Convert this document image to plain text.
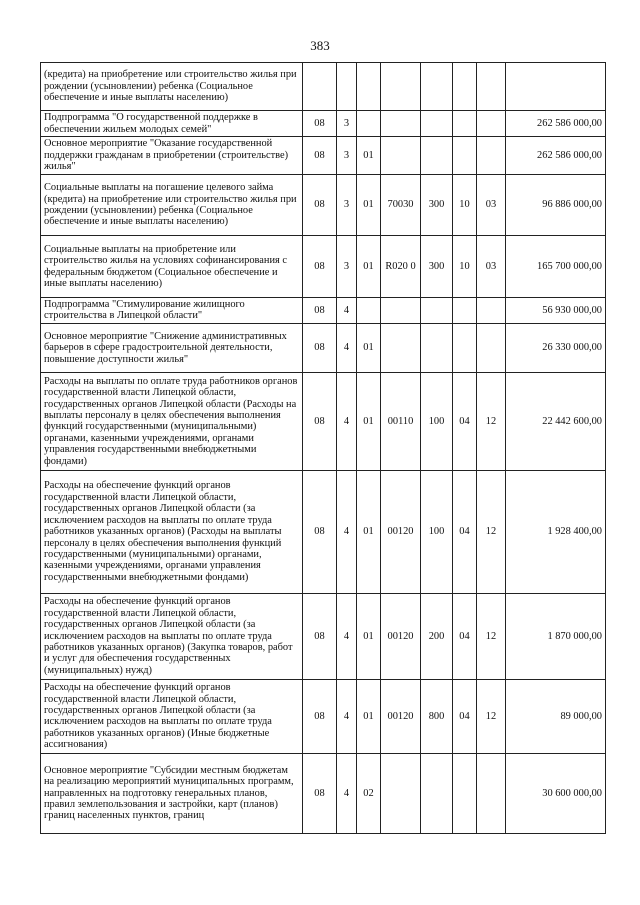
383
(кредита) на приобретение или строительство жилья при рождении (усыновлении) ребенка (Социальное обеспечение и иные выплаты населению)								
Подпрограмма "О государственной поддержке в обеспечении жильем молодых семей"	08	3						262 586 000,00
Основное мероприятие "Оказание государственной поддержки гражданам в приобретении (строительстве) жилья"	08	3	01					262 586 000,00
Социальные выплаты на погашение целевого займа (кредита) на приобретение или строительство жилья при рождении (усыновлении) ребенка (Социальное обеспечение и иные выплаты населению)	08	3	01	70030	300	10	03	96 886 000,00
Социальные выплаты на приобретение или строительство жилья на условиях софинансирования с федеральным бюджетом (Социальное обеспечение и иные выплаты населению)	08	3	01	R020 0	300	10	03	165 700 000,00
Подпрограмма "Стимулирование жилищного строительства в Липецкой области"	08	4						56 930 000,00
Основное мероприятие "Снижение административных барьеров в сфере градостроительной деятельности, повышение доступности жилья"	08	4	01					26 330 000,00
Расходы на выплаты по оплате труда работников органов государственной власти Липецкой области, государственных органов Липецкой области (Расходы на выплаты персоналу в целях обеспечения выполнения функций государственными (муниципальными) органами, казенными учреждениями, органами управления государственными внебюджетными фондами)	08	4	01	00110	100	04	12	22 442 600,00
Расходы на обеспечение функций органов государственной власти Липецкой области, государственных органов Липецкой области (за исключением расходов на выплаты по оплате труда работников указанных органов) (Расходы на выплаты персоналу в целях обеспечения выполнения функций государственными (муниципальными) органами, казенными учреждениями, органами управления государственными внебюджетными фондами)	08	4	01	00120	100	04	12	1 928 400,00
Расходы на обеспечение функций органов государственной власти Липецкой области, государственных органов Липецкой области (за исключением расходов на выплаты по оплате труда работников указанных органов) (Закупка товаров, работ и услуг для обеспечения государственных (муниципальных) нужд)	08	4	01	00120	200	04	12	1 870 000,00
Расходы на обеспечение функций органов государственной власти Липецкой области, государственных органов Липецкой области (за исключением расходов на выплаты по оплате труда работников указанных органов) (Иные бюджетные ассигнования)	08	4	01	00120	800	04	12	89 000,00
Основное мероприятие "Субсидии местным бюджетам на реализацию мероприятий муниципальных программ, направленных на подготовку генеральных планов, правил землепользования и застройки, карт (планов) границ населенных пунктов, границ	08	4	02					30 600 000,00
